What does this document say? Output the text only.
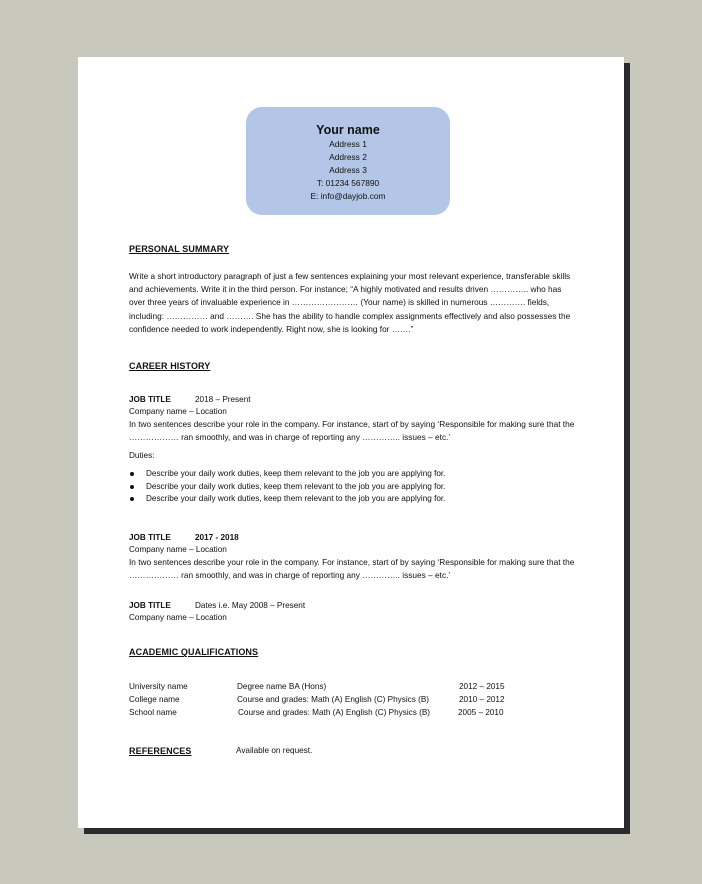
Your name
Address 1
Address 2
Address 3
T: 01234 567890
E: info@dayjob.com
PERSONAL SUMMARY
Write a short introductory paragraph of just a few sentences explaining your most relevant experience, transferable skills and achievements. Write it in the third person. For instance; “A highly motivated and results driven ………….. who has over three years of invaluable experience in …………………… (Your name) is skilled in numerous …………. fields, including: …………… and ………. She has the ability to handle complex assignments effectively and also possesses the confidence needed to work independently. Right now, she is looking for …….”
CAREER HISTORY
JOB TITLE	2018 – Present
Company name – Location
In two sentences describe your role in the company. For instance, start of by saying ‘Responsible for making sure that the ……………… ran smoothly, and was in charge of reporting any ………….. issues – etc.’
Duties:
Describe your daily work duties, keep them relevant to the job you are applying for.
Describe your daily work duties, keep them relevant to the job you are applying for.
Describe your daily work duties, keep them relevant to the job you are applying for.
JOB TITLE	2017 - 2018
Company name – Location
In two sentences describe your role in the company. For instance, start of by saying ‘Responsible for making sure that the ……………… ran smoothly, and was in charge of reporting any ………….. issues – etc.’
JOB TITLE	Dates i.e. May 2008 – Present
Company name – Location
ACADEMIC QUALIFICATIONS
University name	Degree name BA (Hons)	2012 – 2015
College name	Course and grades: Math (A) English (C) Physics (B)	2010 – 2012
School name	Course and grades: Math (A) English (C) Physics (B)	2005 – 2010
REFERENCES	Available on request.
